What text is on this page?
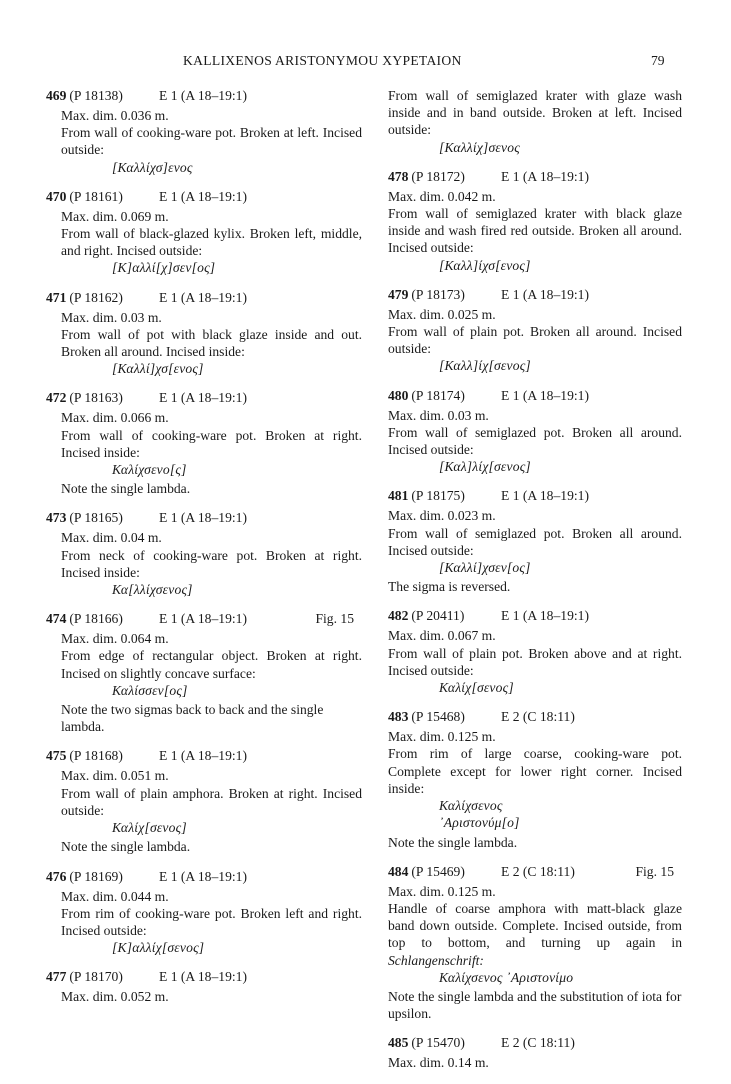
KALLIXENOS ARISTONYMOU XYPETAION	79
469 (P 18138)	E 1 (A 18–19:1)
Max. dim. 0.036 m.
From wall of cooking-ware pot. Broken at left. Incised outside:
[Καλλίχσ]ενος
470 (P 18161)	E 1 (A 18–19:1)
Max. dim. 0.069 m.
From wall of black-glazed kylix. Broken left, middle, and right. Incised outside:
[Κ]αλλί[χ]σεν[ος]
471 (P 18162)	E 1 (A 18–19:1)
Max. dim. 0.03 m.
From wall of pot with black glaze inside and out. Broken all around. Incised inside:
[Καλλί]χσ[ενος]
472 (P 18163)	E 1 (A 18–19:1)
Max. dim. 0.066 m.
From wall of cooking-ware pot. Broken at right. Incised inside:
Καλίχσενο[ς]
Note the single lambda.
473 (P 18165)	E 1 (A 18–19:1)
Max. dim. 0.04 m.
From neck of cooking-ware pot. Broken at right. Incised inside:
Κα[λλίχσενος]
474 (P 18166)	E 1 (A 18–19:1)	Fig. 15
Max. dim. 0.064 m.
From edge of rectangular object. Broken at right. Incised on slightly concave surface:
Καλίσσεν[ος]
Note the two sigmas back to back and the single lambda.
475 (P 18168)	E 1 (A 18–19:1)
Max. dim. 0.051 m.
From wall of plain amphora. Broken at right. Incised outside:
Καλίχ[σενος]
Note the single lambda.
476 (P 18169)	E 1 (A 18–19:1)
Max. dim. 0.044 m.
From rim of cooking-ware pot. Broken left and right. Incised outside:
[Κ]αλλίχ[σενος]
477 (P 18170)	E 1 (A 18–19:1)
Max. dim. 0.052 m.
From wall of semiglazed krater with glaze wash inside and in band outside. Broken at left. Incised outside:
[Καλλίχ]σενος
478 (P 18172)	E 1 (A 18–19:1)
Max. dim. 0.042 m.
From wall of semiglazed krater with black glaze inside and wash fired red outside. Broken all around. Incised outside:
[Καλλ]ίχσ[ενος]
479 (P 18173)	E 1 (A 18–19:1)
Max. dim. 0.025 m.
From wall of plain pot. Broken all around. Incised outside:
[Καλλ]ίχ[σενος]
480 (P 18174)	E 1 (A 18–19:1)
Max. dim. 0.03 m.
From wall of semiglazed pot. Broken all around. Incised outside:
[Καλ]λίχ[σενος]
481 (P 18175)	E 1 (A 18–19:1)
Max. dim. 0.023 m.
From wall of semiglazed pot. Broken all around. Incised outside:
[Καλλί]χσεν[ος]
The sigma is reversed.
482 (P 20411)	E 1 (A 18–19:1)
Max. dim. 0.067 m.
From wall of plain pot. Broken above and at right. Incised outside:
Καλίχ[σενος]
483 (P 15468)	E 2 (C 18:11)
Max. dim. 0.125 m.
From rim of large coarse, cooking-ware pot. Complete except for lower right corner. Incised inside:
Καλίχσενος
᾿Αριστονύμ[ο]
Note the single lambda.
484 (P 15469)	E 2 (C 18:11)	Fig. 15
Max. dim. 0.125 m.
Handle of coarse amphora with matt-black glaze band down outside. Complete. Incised outside, from top to bottom, and turning up again in Schlangenschrift:
Καλίχσενος ᾿Αριστονίμο
Note the single lambda and the substitution of iota for upsilon.
485 (P 15470)	E 2 (C 18:11)
Max. dim. 0.14 m.
